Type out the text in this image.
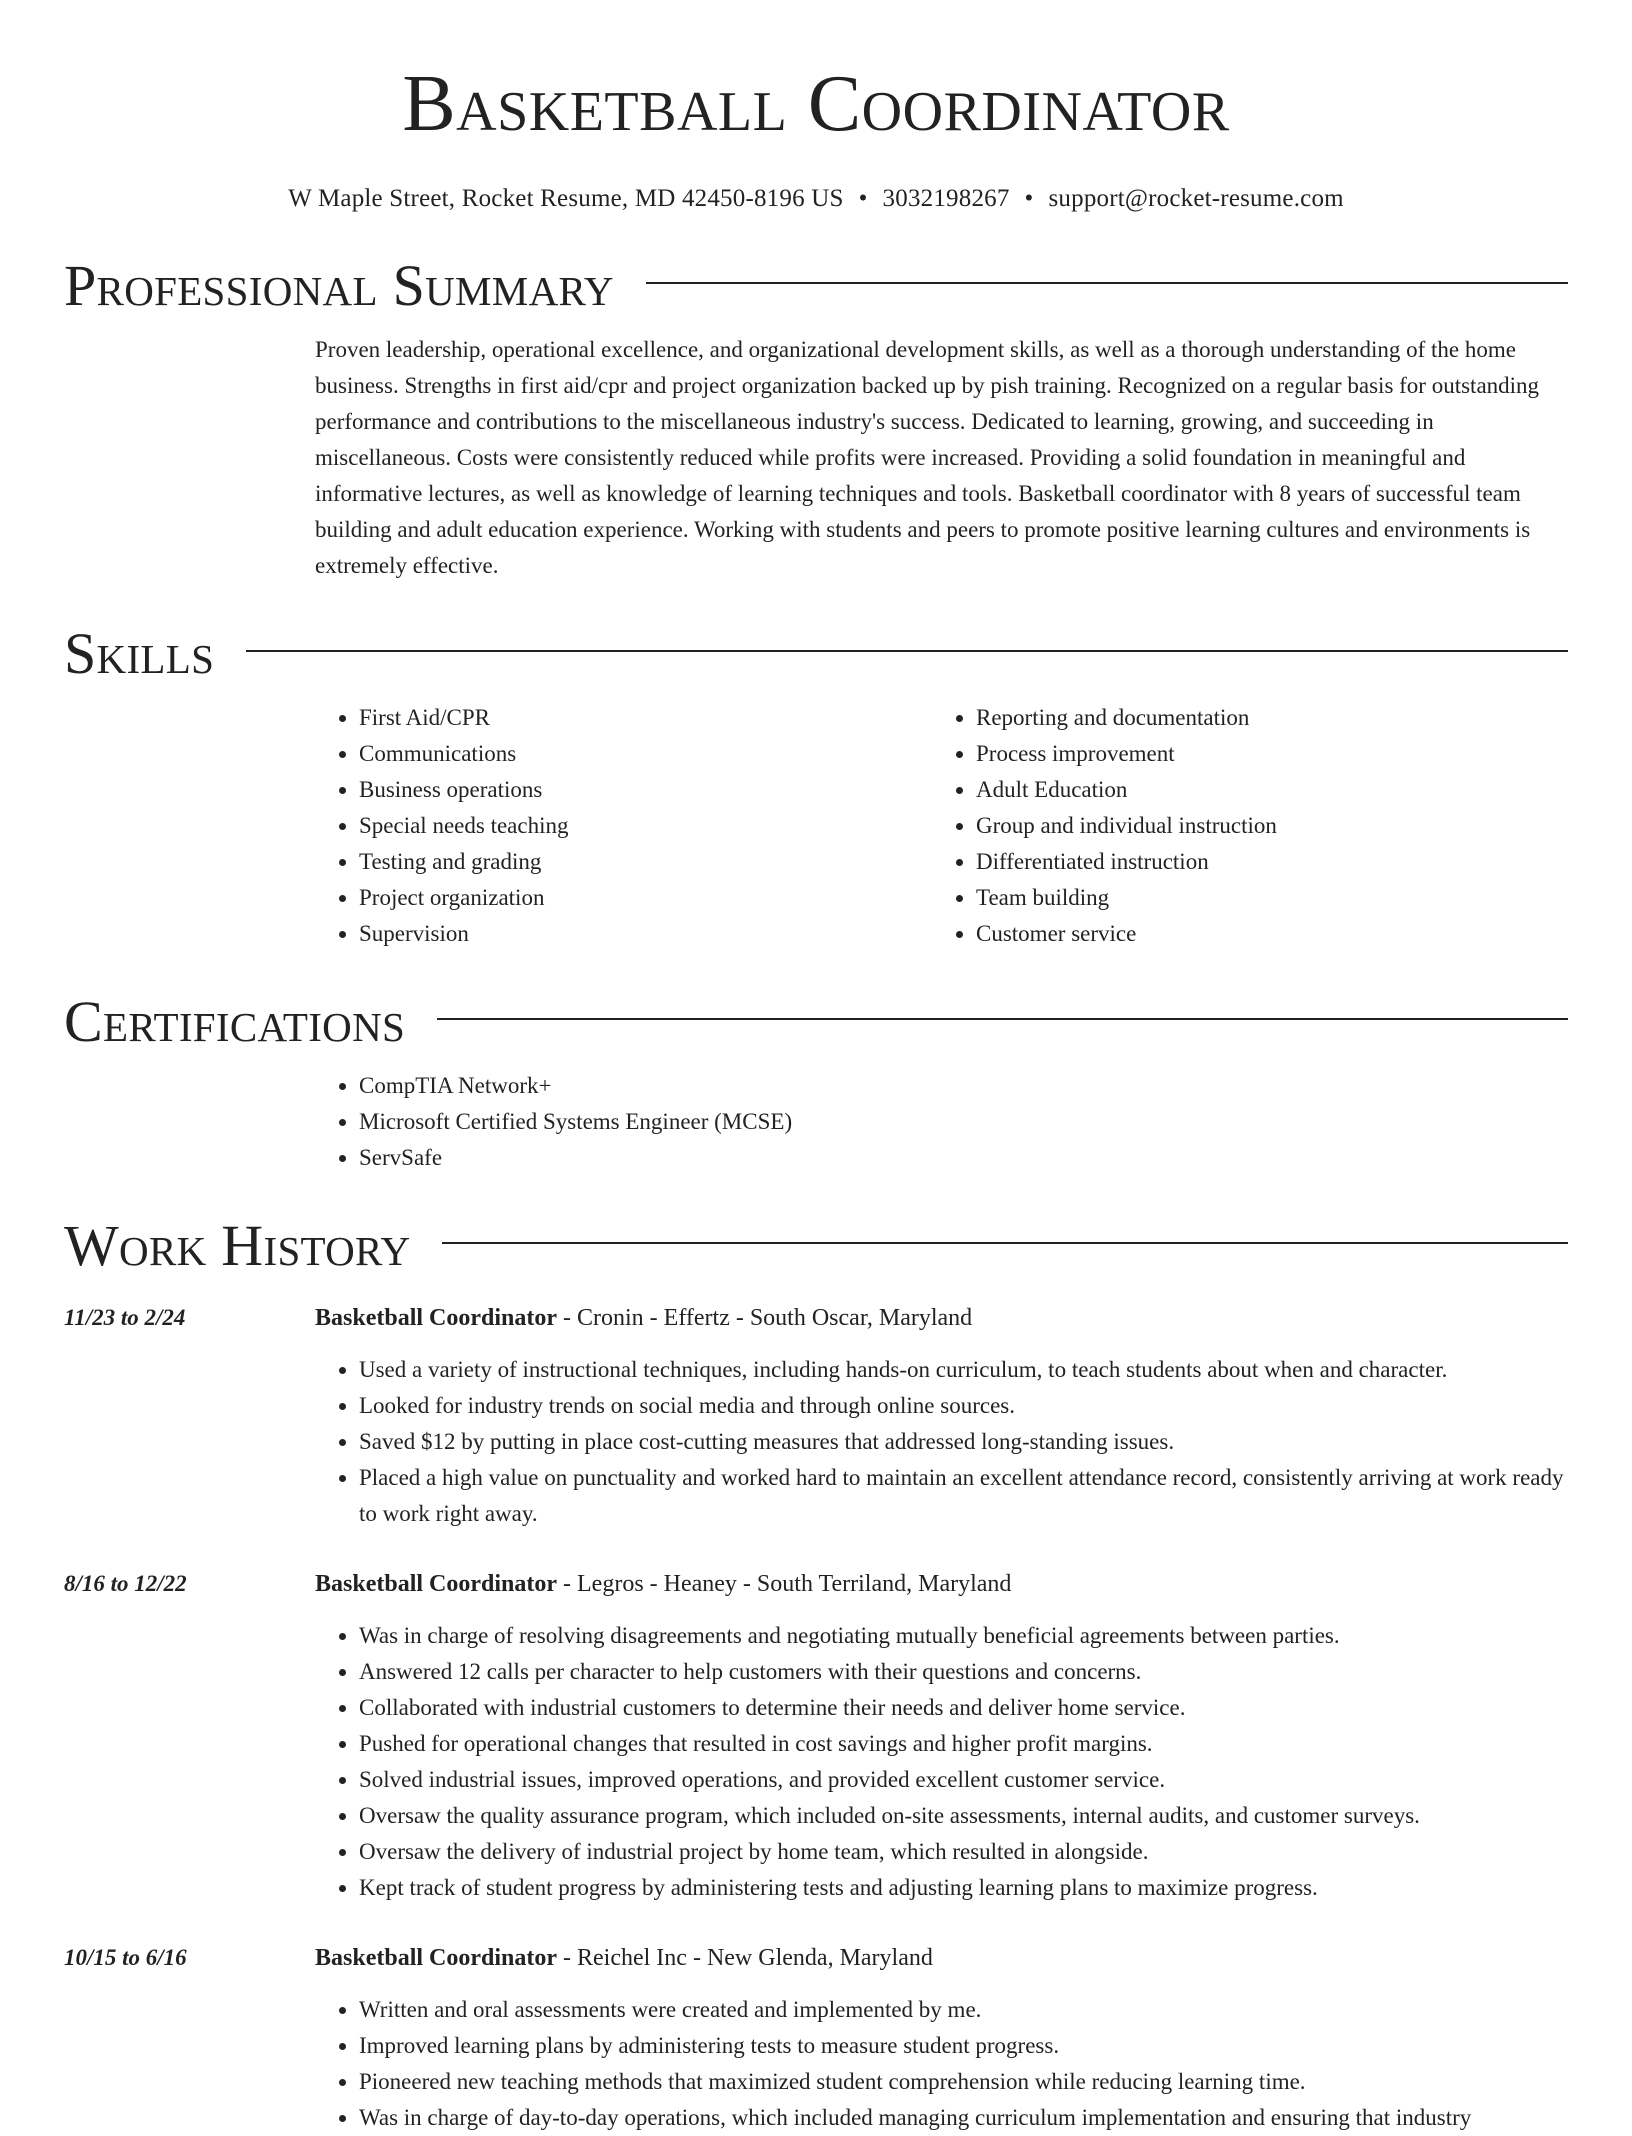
Basketball Coordinator
W Maple Street, Rocket Resume, MD 42450-8196 US • 3032198267 • support@rocket-resume.com
Professional Summary

Proven leadership, operational excellence, and organizational development skills, as well as a thorough understanding of the home business. Strengths in first aid/cpr and project organization backed up by pish training. Recognized on a regular basis for outstanding performance and contributions to the miscellaneous industry's success. Dedicated to learning, growing, and succeeding in miscellaneous. Costs were consistently reduced while profits were increased. Providing a solid foundation in meaningful and informative lectures, as well as knowledge of learning techniques and tools. Basketball coordinator with 8 years of successful team building and adult education experience. Working with students and peers to promote positive learning cultures and environments is extremely effective.

Skills
• First Aid/CPR
• Communications
• Business operations
• Special needs teaching
• Testing and grading
• Project organization
• Supervision
• Reporting and documentation
• Process improvement
• Adult Education
• Group and individual instruction
• Differentiated instruction
• Team building
• Customer service
Certifications
• CompTIA Network+
• Microsoft Certified Systems Engineer (MCSE)
• ServSafe
Work History
11/23 to 2/24	Basketball Coordinator - Cronin - Effertz - South Oscar, Maryland
• Used a variety of instructional techniques, including hands-on curriculum, to teach students about when and character.
• Looked for industry trends on social media and through online sources.
• Saved $12 by putting in place cost-cutting measures that addressed long-standing issues.
• Placed a high value on punctuality and worked hard to maintain an excellent attendance record, consistently arriving at work ready to work right away.
8/16 to 12/22	Basketball Coordinator - Legros - Heaney - South Terriland, Maryland
• Was in charge of resolving disagreements and negotiating mutually beneficial agreements between parties.
• Answered 12 calls per character to help customers with their questions and concerns.
• Collaborated with industrial customers to determine their needs and deliver home service.
• Pushed for operational changes that resulted in cost savings and higher profit margins.
• Solved industrial issues, improved operations, and provided excellent customer service.
• Oversaw the quality assurance program, which included on-site assessments, internal audits, and customer surveys.
• Oversaw the delivery of industrial project by home team, which resulted in alongside.
• Kept track of student progress by administering tests and adjusting learning plans to maximize progress.
10/15 to 6/16	Basketball Coordinator - Reichel Inc - New Glenda, Maryland
• Written and oral assessments were created and implemented by me.
• Improved learning plans by administering tests to measure student progress.
• Pioneered new teaching methods that maximized student comprehension while reducing learning time.
• Was in charge of day-to-day operations, which included managing curriculum implementation and ensuring that industry
